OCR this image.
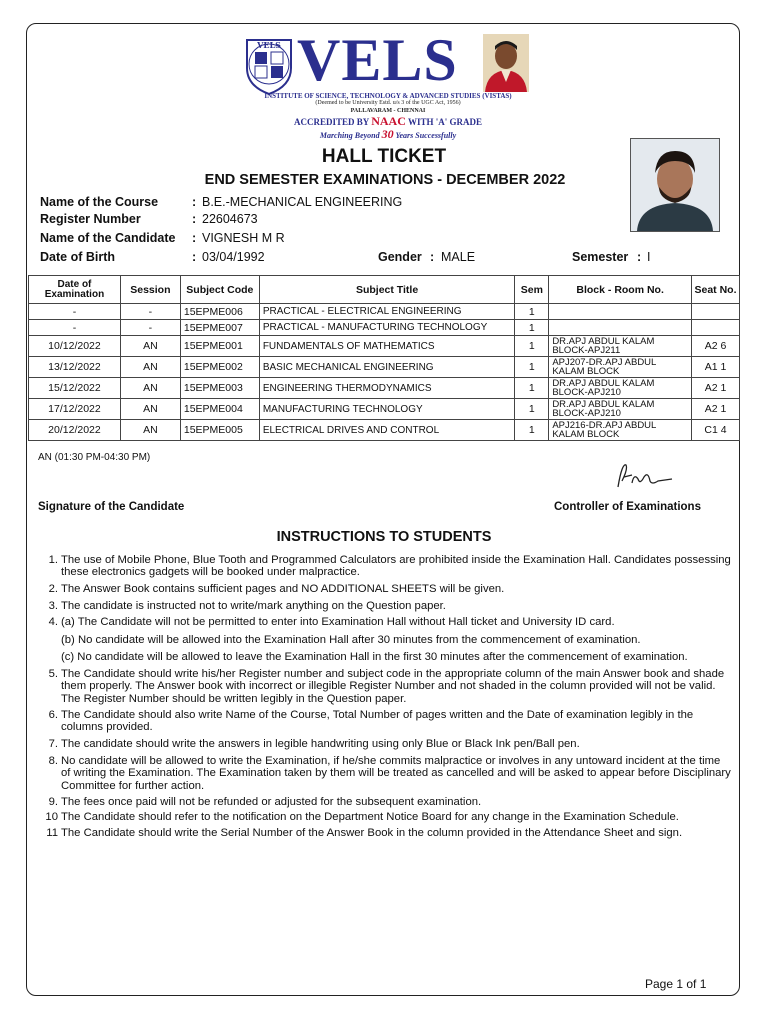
VELS VELS
INSTITUTE OF SCIENCE, TECHNOLOGY & ADVANCED STUDIES (VISTAS)
(Deemed to be University Estd. u/s 3 of the UGC Act, 1956)
PALLAVARAM - CHENNAI
ACCREDITED BY NAAC WITH 'A' GRADE
Marching Beyond 30 Years Successfully
HALL TICKET
END SEMESTER EXAMINATIONS - DECEMBER 2022
Name of the Course	: B.E.-MECHANICAL ENGINEERING
Register Number	: 22604673
Name of the Candidate : VIGNESH M R
Date of Birth	: 03/04/1992	Gender : MALE	Semester : I
Date of Examination	Session	Subject Code	Subject Title	Sem	Block - Room No.	Seat No.
-	-	15EPME006	PRACTICAL - ELECTRICAL ENGINEERING	1		
-	-	15EPME007	PRACTICAL - MANUFACTURING TECHNOLOGY	1		
10/12/2022	AN	15EPME001	FUNDAMENTALS OF MATHEMATICS	1	DR.APJ ABDUL KALAM BLOCK-APJ211	A2 6
13/12/2022	AN	15EPME002	BASIC MECHANICAL ENGINEERING	1	APJ207-DR.APJ ABDUL KALAM BLOCK	A1 1
15/12/2022	AN	15EPME003	ENGINEERING THERMODYNAMICS	1	DR.APJ ABDUL KALAM BLOCK-APJ210	A2 1
17/12/2022	AN	15EPME004	MANUFACTURING TECHNOLOGY	1	DR.APJ ABDUL KALAM BLOCK-APJ210	A2 1
20/12/2022	AN	15EPME005	ELECTRICAL DRIVES AND CONTROL	1	APJ216-DR.APJ ABDUL KALAM BLOCK	C1 4
AN (01:30 PM-04:30 PM)
Signature of the Candidate	Controller of Examinations
INSTRUCTIONS TO STUDENTS
1. The use of Mobile Phone, Blue Tooth and Programmed Calculators are prohibited inside the Examination Hall. Candidates possessing these electronics gadgets will be booked under malpractice.
2. The Answer Book contains sufficient pages and NO ADDITIONAL SHEETS will be given.
3. The candidate is instructed not to write/mark anything on the Question paper.
4. (a) The Candidate will not be permitted to enter into Examination Hall without Hall ticket and University ID card.
(b) No candidate will be allowed into the Examination Hall after 30 minutes from the commencement of examination.
(c) No candidate will be allowed to leave the Examination Hall in the first 30 minutes after the commencement of examination.
5. The Candidate should write his/her Register number and subject code in the appropriate column of the main Answer book and shade them properly. The Answer book with incorrect or illegible Register Number and not shaded in the column provided will not be valid. The Register Number should be written legibly in the Question paper.
6. The Candidate should also write Name of the Course, Total Number of pages written and the Date of examination legibly in the columns provided.
7. The candidate should write the answers in legible handwriting using only Blue or Black Ink pen/Ball pen.
8. No candidate will be allowed to write the Examination, if he/she commits malpractice or involves in any untoward incident at the time of writing the Examination. The Examination taken by them will be treated as cancelled and will be asked to appear before Disciplinary Committee for further action.
9. The fees once paid will not be refunded or adjusted for the subsequent examination.
10 The Candidate should refer to the notification on the Department Notice Board for any change in the Examination Schedule.
11 The Candidate should write the Serial Number of the Answer Book in the column provided in the Attendance Sheet and sign.
Page 1 of 1
